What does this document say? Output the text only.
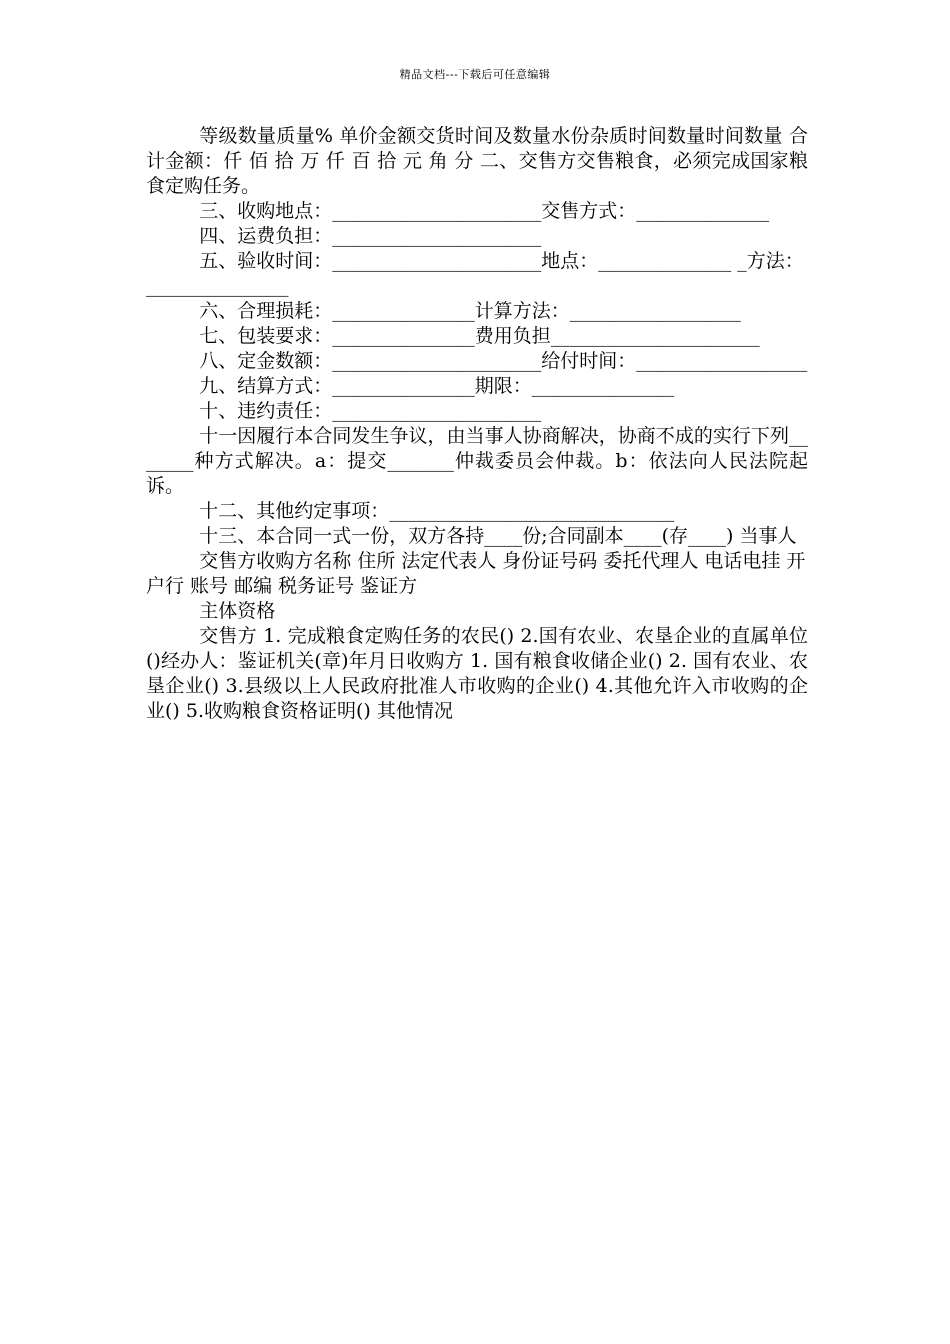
精品文档---下载后可任意编辑

等级数量质量% 单价金额交货时间及数量水份杂质时间数量时间数量 合计金额：仟 佰 拾 万 仟 百 拾 元 角 分 二、交售方交售粮食，必须完成国家粮食定购任务。

三、收购地点：______________________交售方式：______________

四、运费负担：______________________

五、验收时间：______________________地点：______________ _方法：_______________

六、合理损耗：_______________计算方法：__________________

七、包装要求：_______________费用负担______________________

八、定金数额：______________________给付时间：__________________

九、结算方式：_______________期限：_______________

十、违约责任：______________________

十一因履行本合同发生争议，由当事人协商解决，协商不成的实行下列_______种方式解决。a：提交_______仲裁委员会仲裁。b：依法向人民法院起诉。

十二、其他约定事项：______________________________

十三、本合同一式一份，双方各持____份;合同副本____(存____) 当事人

交售方收购方名称 住所 法定代表人 身份证号码 委托代理人 电话电挂 开户行 账号 邮编 税务证号 鉴证方

主体资格

交售方 1. 完成粮食定购任务的农民() 2.国有农业、农垦企业的直属单位()经办人：鉴证机关(章)年月日收购方 1. 国有粮食收储企业() 2. 国有农业、农垦企业() 3.县级以上人民政府批准人市收购的企业() 4.其他允许入市收购的企业() 5.收购粮食资格证明() 其他情况
